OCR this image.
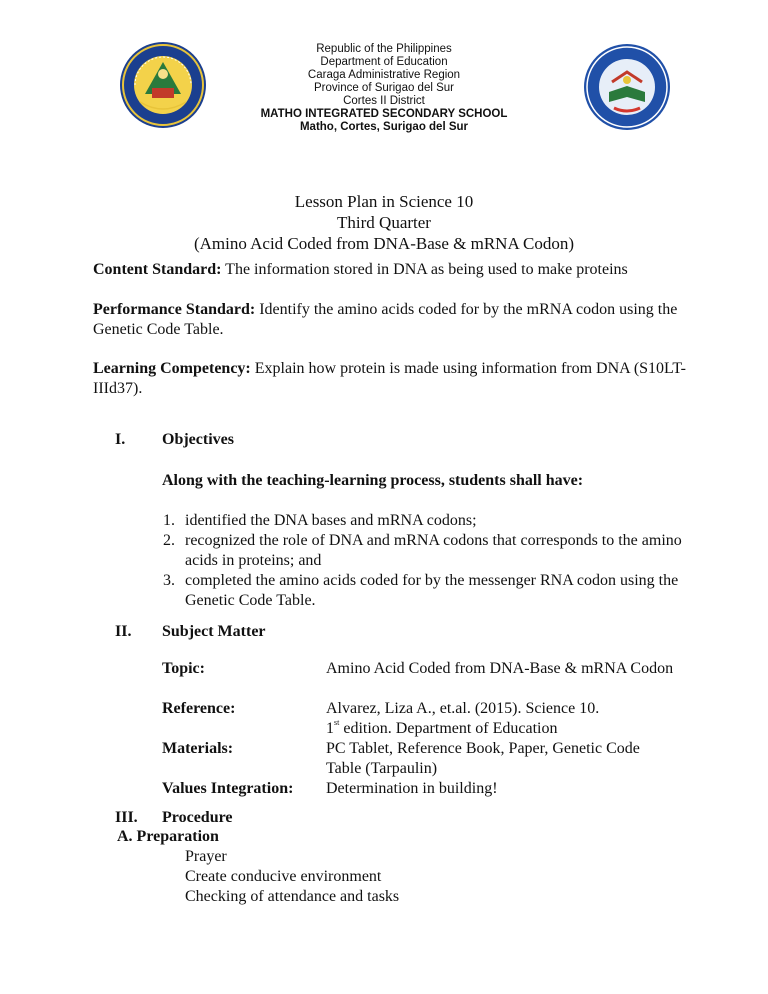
Republic of the Philippines
Department of Education
Caraga Administrative Region
Province of Surigao del Sur
Cortes II District
MATHO INTEGRATED SECONDARY SCHOOL
Matho, Cortes, Surigao del Sur
Lesson Plan in Science 10
Third Quarter
(Amino Acid Coded from DNA-Base & mRNA Codon)
Content Standard: The information stored in DNA as being used to make proteins
Performance Standard: Identify the amino acids coded for by the mRNA codon using the Genetic Code Table.
Learning Competency: Explain how protein is made using information from DNA (S10LT-IIId37).
I. Objectives
Along with the teaching-learning process, students shall have:
1. identified the DNA bases and mRNA codons;
2. recognized the role of DNA and mRNA codons that corresponds to the amino acids in proteins; and
3. completed the amino acids coded for by the messenger RNA codon using the Genetic Code Table.
II. Subject Matter
Topic:	Amino Acid Coded from DNA-Base & mRNA Codon
Reference:	Alvarez, Liza A., et.al. (2015). Science 10.
1st edition. Department of Education
Materials:	PC Tablet, Reference Book, Paper, Genetic Code Table (Tarpaulin)
Values Integration: Determination in building!
III. Procedure
A. Preparation
Prayer
Create conducive environment
Checking of attendance and tasks
